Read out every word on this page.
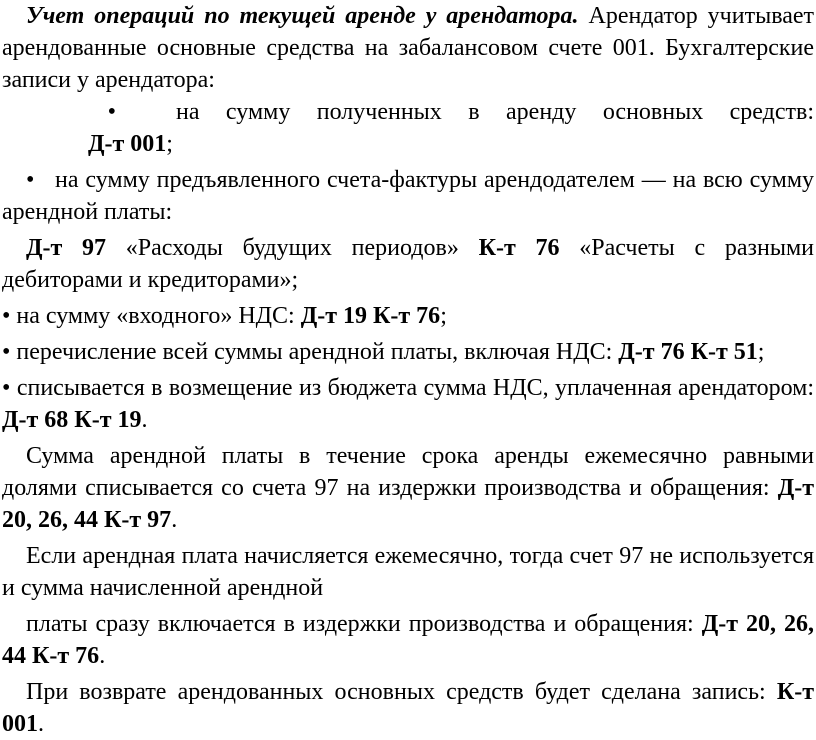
Учет операций по текущей аренде у арендатора. Арендатор учитывает арендованные основные средства на забалансовом счете 001. Бухгалтерские записи у арендатора:

•	на сумму полученных в аренду основных средств:

Д-т 001;

• на сумму предъявленного счета-фактуры арендодателем — на всю сумму арендной платы:

Д-т 97 «Расходы будущих периодов» К-т 76 «Расчеты с разными дебиторами и кредиторами»;

• на сумму «входного» НДС: Д-т 19 К-т 76;

• перечисление всей суммы арендной платы, включая НДС: Д-т 76 К-т 51;

• списывается в возмещение из бюджета сумма НДС, уплаченная арендатором: Д-т 68 К-т 19.

Сумма арендной платы в течение срока аренды ежемесячно равными долями списывается со счета 97 на издержки производства и обращения: Д-т 20, 26, 44 К-т 97.

Если арендная плата начисляется ежемесячно, тогда счет 97 не используется и сумма начисленной арендной

платы сразу включается в издержки производства и обращения: Д-т 20, 26, 44 К-т 76.

При возврате арендованных основных средств будет сделана запись: К-т 001.
